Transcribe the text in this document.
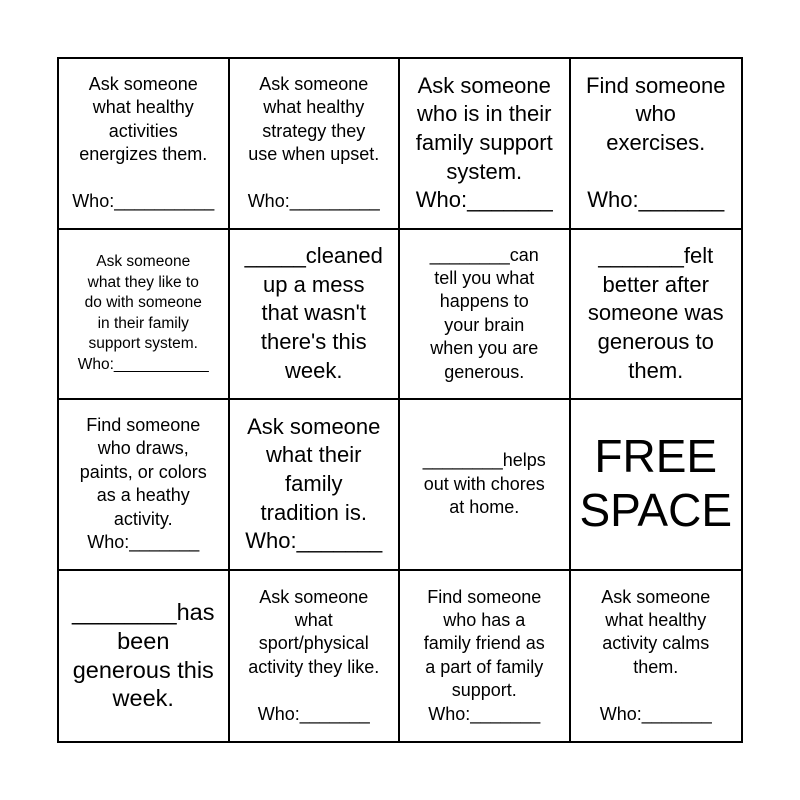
Ask someone
what healthy
activities
energizes them.

Who:__________
Ask someone
what healthy
strategy they
use when upset.

Who:_________
Ask someone
who is in their
family support
system.
Who:_______
Find someone
who
exercises.

Who:_______
Ask someone
what they like to
do with someone
in their family
support system.
Who:___________
_____cleaned
up a mess
that wasn't
there's this
week.
________can
tell you what
happens to
your brain
when you are
generous.
_______felt
better after
someone was
generous to
them.
Find someone
who draws,
paints, or colors
as a heathy
activity.
Who:_______
Ask someone
what their
family
tradition is.
Who:_______
________helps
out with chores
at home.
FREE
SPACE
________has
been
generous this
week.
Ask someone
what
sport/physical
activity they like.

Who:_______
Find someone
who has a
family friend as
a part of family
support.
Who:_______
Ask someone
what healthy
activity calms
them.

Who:_______
